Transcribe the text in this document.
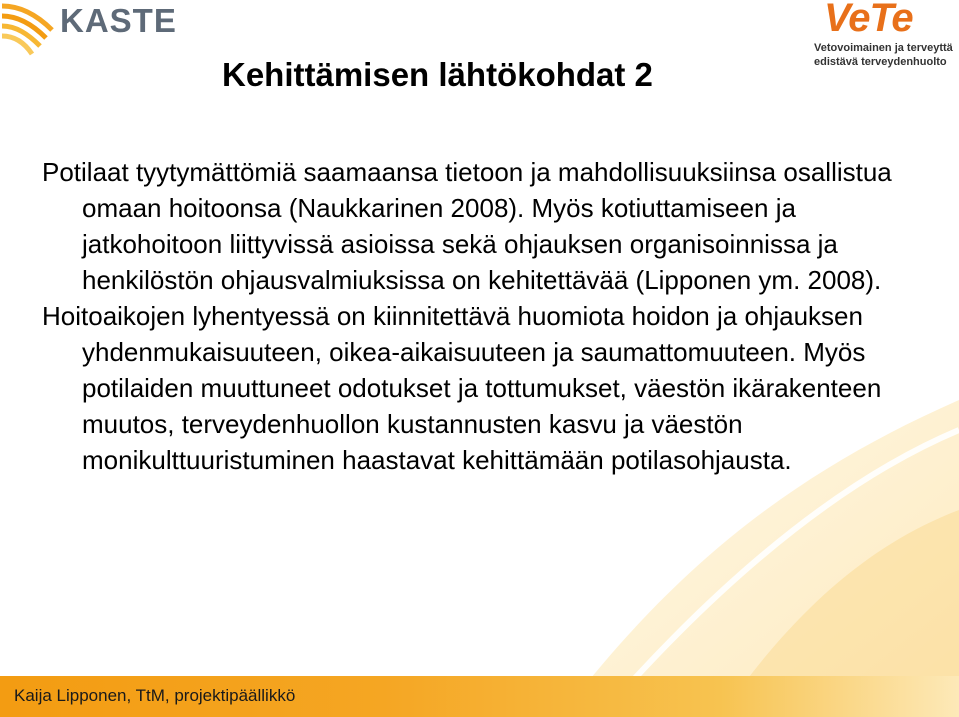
KASTE	VeTe
Vetovoimainen ja terveyttä
edistävä terveydenhuolto
Kehittämisen lähtökohdat 2

Potilaat tyytymättömiä saamaansa tietoon ja mahdollisuuksiinsa osallistua omaan hoitoonsa (Naukkarinen 2008). Myös kotiuttamiseen ja jatkohoitoon liittyvissä asioissa sekä ohjauksen organisoinnissa ja henkilöstön ohjausvalmiuksissa on kehitettävää (Lipponen ym. 2008).

Hoitoaikojen lyhentyessä on kiinnitettävä huomiota hoidon ja ohjauksen yhdenmukaisuuteen, oikea-aikaisuuteen ja saumattomuuteen. Myös potilaiden muuttuneet odotukset ja tottumukset, väestön ikärakenteen muutos, terveydenhuollon kustannusten kasvu ja väestön monikulttuuristuminen haastavat kehittämään potilasohjausta.

Kaija Lipponen, TtM, projektipäällikkö
